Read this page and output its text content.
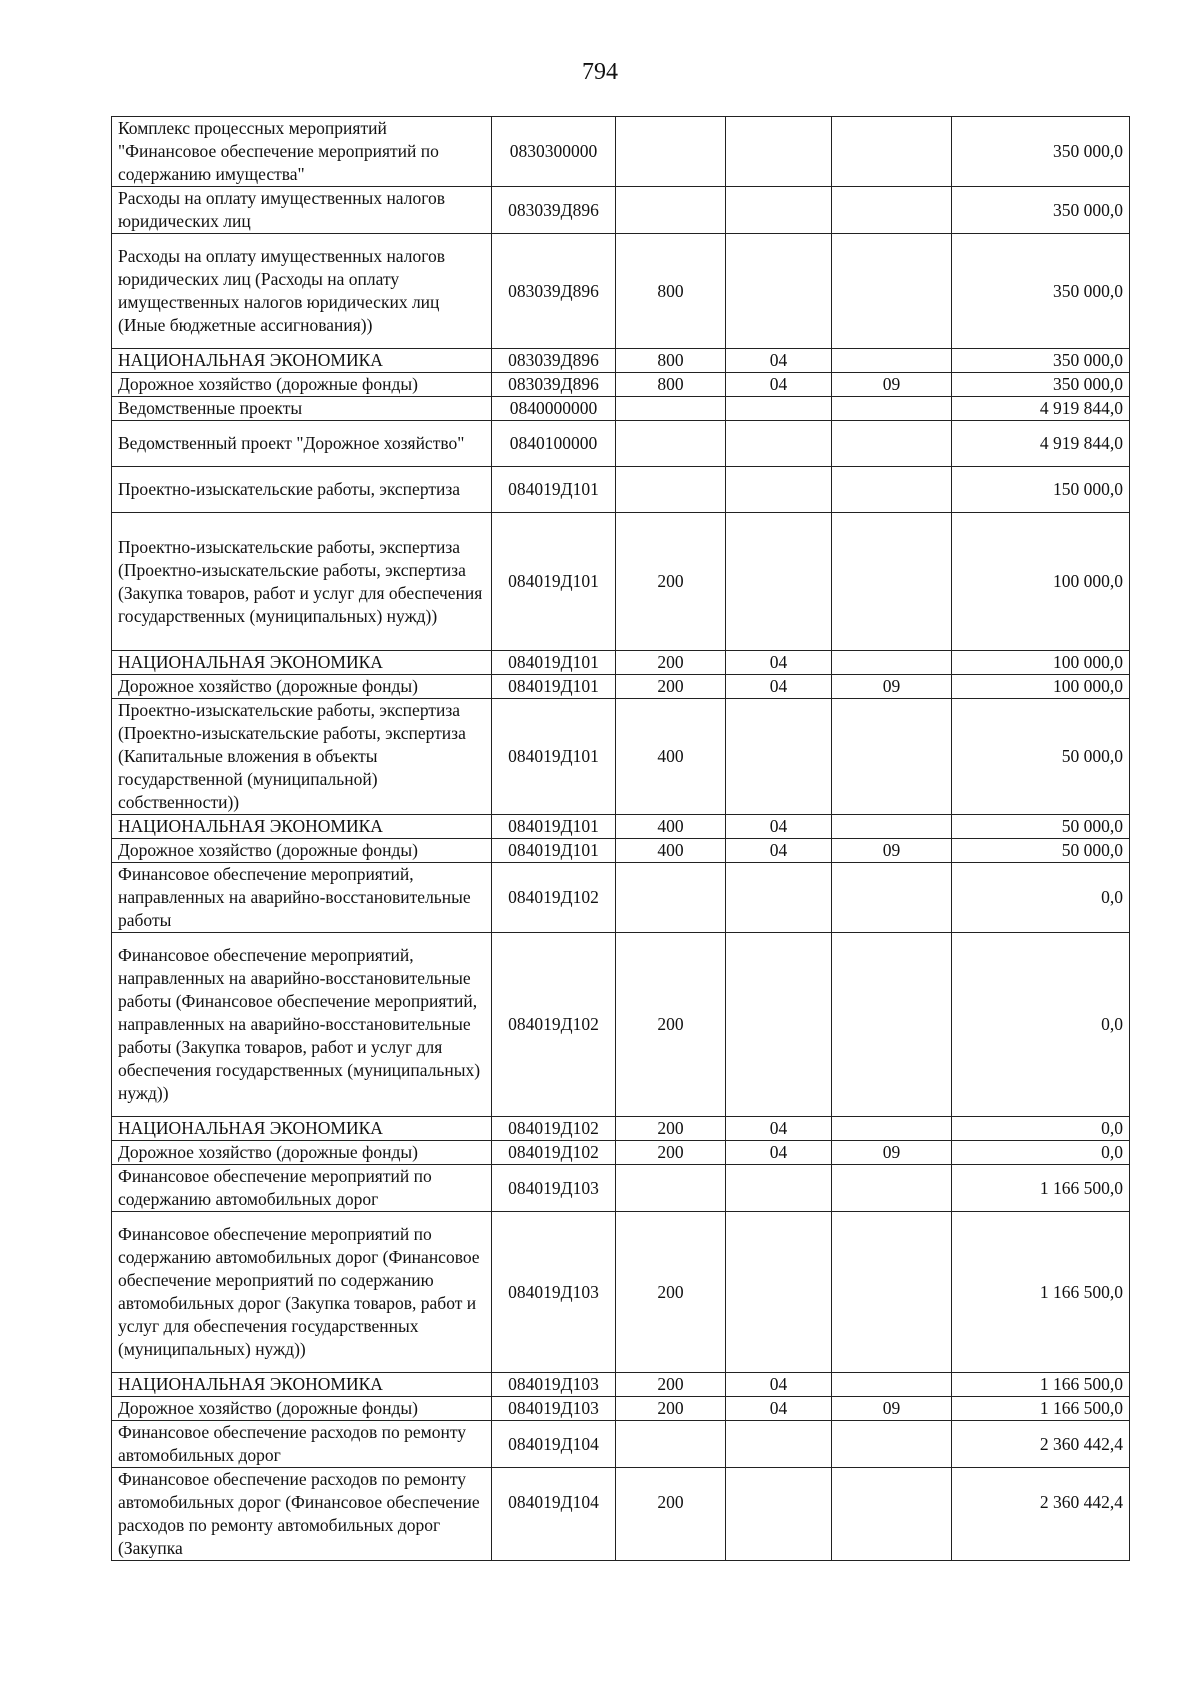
794
Комплекс процессных мероприятий "Финансовое обеспечение мероприятий по содержанию имущества"	0830300000				350 000,0
Расходы на оплату имущественных налогов юридических лиц	083039Д896				350 000,0
Расходы на оплату имущественных налогов юридических лиц (Расходы на оплату имущественных налогов юридических лиц (Иные бюджетные ассигнования))	083039Д896	800			350 000,0
НАЦИОНАЛЬНАЯ ЭКОНОМИКА	083039Д896	800	04		350 000,0
Дорожное хозяйство (дорожные фонды)	083039Д896	800	04	09	350 000,0
Ведомственные проекты	0840000000				4 919 844,0
Ведомственный проект "Дорожное хозяйство"	0840100000				4 919 844,0
Проектно-изыскательские работы, экспертиза	084019Д101				150 000,0
Проектно-изыскательские работы, экспертиза (Проектно-изыскательские работы, экспертиза (Закупка товаров, работ и услуг для обеспечения государственных (муниципальных) нужд))	084019Д101	200			100 000,0
НАЦИОНАЛЬНАЯ ЭКОНОМИКА	084019Д101	200	04		100 000,0
Дорожное хозяйство (дорожные фонды)	084019Д101	200	04	09	100 000,0
Проектно-изыскательские работы, экспертиза (Проектно-изыскательские работы, экспертиза (Капитальные вложения в объекты государственной (муниципальной) собственности))	084019Д101	400			50 000,0
НАЦИОНАЛЬНАЯ ЭКОНОМИКА	084019Д101	400	04		50 000,0
Дорожное хозяйство (дорожные фонды)	084019Д101	400	04	09	50 000,0
Финансовое обеспечение мероприятий, направленных на аварийно-восстановительные работы	084019Д102				0,0
Финансовое обеспечение мероприятий, направленных на аварийно-восстановительные работы (Финансовое обеспечение мероприятий, направленных на аварийно-восстановительные работы (Закупка товаров, работ и услуг для обеспечения государственных (муниципальных) нужд))	084019Д102	200			0,0
НАЦИОНАЛЬНАЯ ЭКОНОМИКА	084019Д102	200	04		0,0
Дорожное хозяйство (дорожные фонды)	084019Д102	200	04	09	0,0
Финансовое обеспечение мероприятий по содержанию автомобильных дорог	084019Д103				1 166 500,0
Финансовое обеспечение мероприятий по содержанию автомобильных дорог (Финансовое обеспечение мероприятий по содержанию автомобильных дорог (Закупка товаров, работ и услуг для обеспечения государственных (муниципальных) нужд))	084019Д103	200			1 166 500,0
НАЦИОНАЛЬНАЯ ЭКОНОМИКА	084019Д103	200	04		1 166 500,0
Дорожное хозяйство (дорожные фонды)	084019Д103	200	04	09	1 166 500,0
Финансовое обеспечение расходов по ремонту автомобильных дорог	084019Д104				2 360 442,4
Финансовое обеспечение расходов по ремонту автомобильных дорог (Финансовое обеспечение расходов по ремонту автомобильных дорог (Закупка	084019Д104	200			2 360 442,4
